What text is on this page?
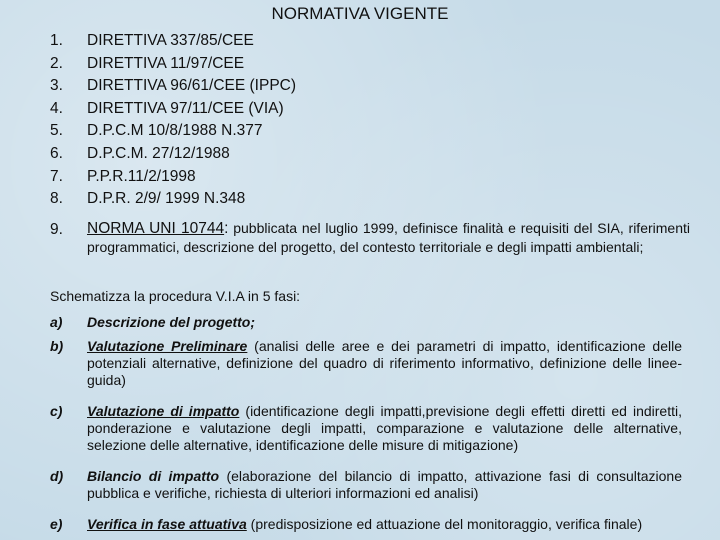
NORMATIVA VIGENTE
1.	DIRETTIVA 337/85/CEE
2.	DIRETTIVA 11/97/CEE
3.	DIRETTIVA 96/61/CEE (IPPC)
4.	DIRETTIVA 97/11/CEE (VIA)
5.	D.P.C.M 10/8/1988 N.377
6.	D.P.C.M. 27/12/1988
7.	P.P.R.11/2/1998
8.	D.P.R. 2/9/ 1999 N.348
9.	NORMA UNI 10744: pubblicata nel luglio 1999, definisce finalità e requisiti del SIA, riferimenti programmatici, descrizione del progetto, del contesto territoriale e degli impatti ambientali;
Schematizza la procedura V.I.A in 5 fasi:
a)	Descrizione del progetto;
b)	Valutazione Preliminare (analisi delle aree e dei parametri di impatto, identificazione delle potenziali alternative, definizione del quadro di riferimento informativo, definizione delle linee-guida)
c)	Valutazione di impatto (identificazione degli impatti,previsione degli effetti diretti ed indiretti, ponderazione e valutazione degli impatti, comparazione e valutazione delle alternative, selezione delle alternative, identificazione delle misure di mitigazione)
d)	Bilancio di impatto (elaborazione del bilancio di impatto, attivazione fasi di consultazione pubblica e verifiche, richiesta di ulteriori informazioni ed analisi)
e)	Verifica in fase attuativa (predisposizione ed attuazione del monitoraggio, verifica finale)
